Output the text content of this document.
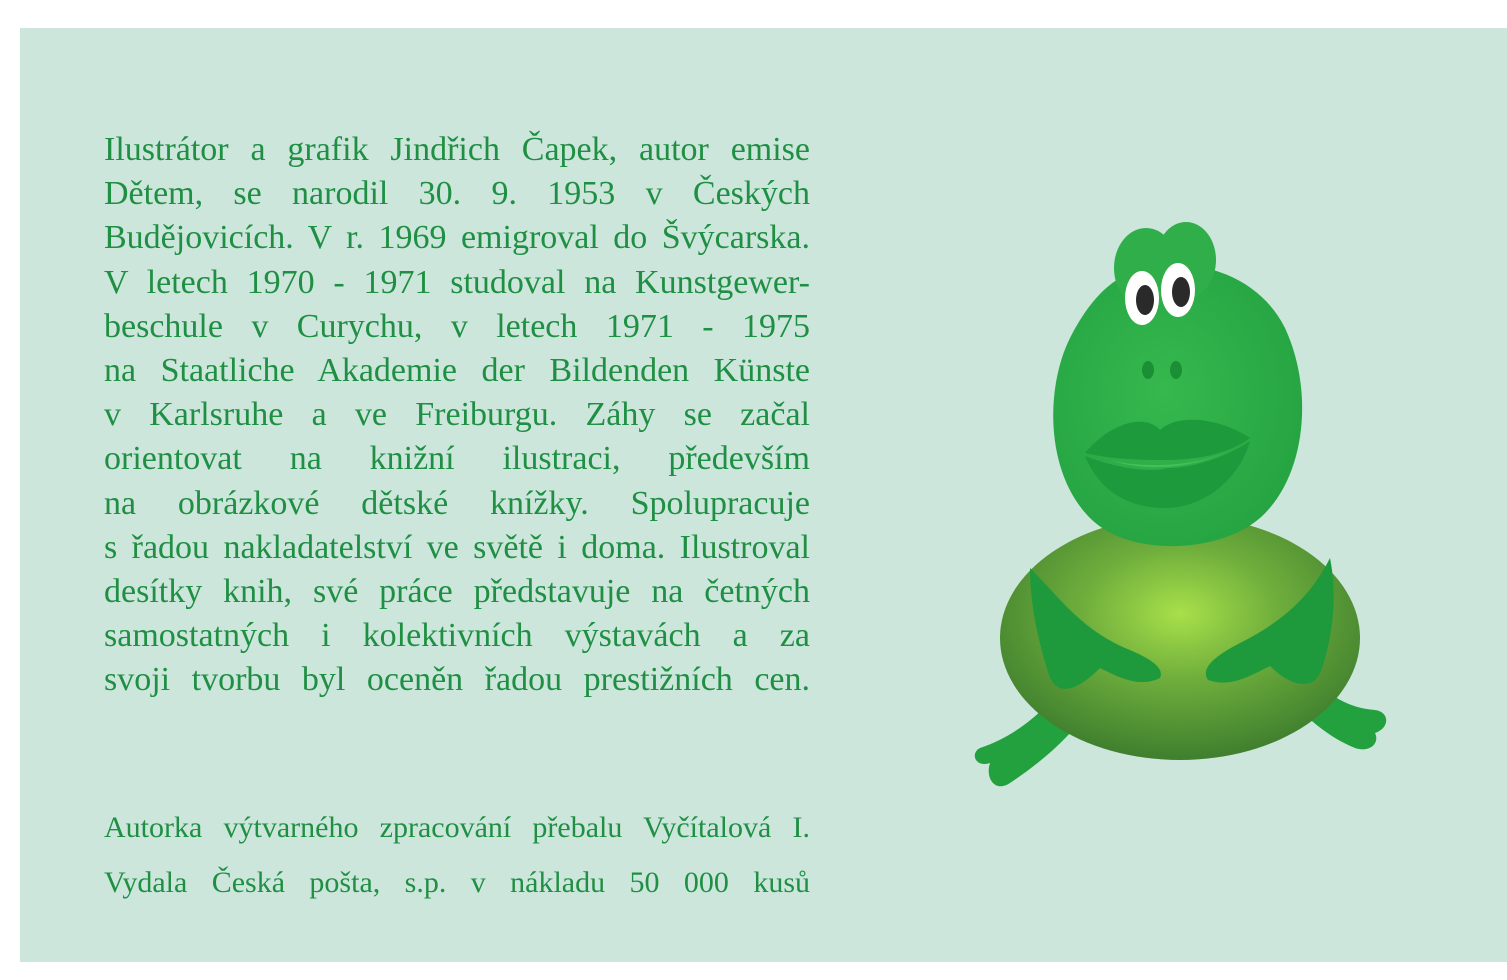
Ilustrátor a grafik Jindřich Čapek, autor emise
Dětem, se narodil 30. 9. 1953 v Českých
Budějovicích. V r. 1969 emigroval do Švýcarska.
V letech 1970 - 1971 studoval na Kunstgewer-
beschule v Curychu, v letech 1971 - 1975
na Staatliche Akademie der Bildenden Künste
v Karlsruhe a ve Freiburgu. Záhy se začal
orientovat na knižní ilustraci, především
na obrázkové dětské knížky. Spolupracuje
s řadou nakladatelství ve světě i doma. Ilustroval
desítky knih, své práce představuje na četných
samostatných i kolektivních výstavách a za
svoji tvorbu byl oceněn řadou prestižních cen.

Autorka výtvarného zpracování přebalu Vyčítalová I.
Vydala Česká pošta, s.p. v nákladu 50 000 kusů
